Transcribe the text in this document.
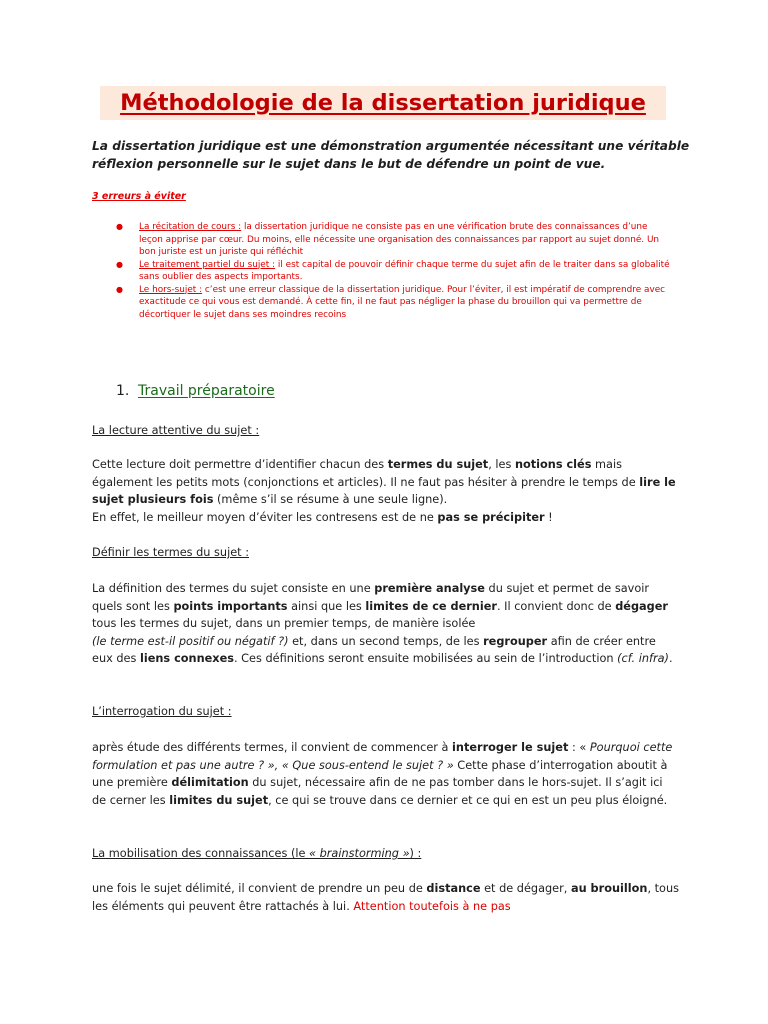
Méthodologie de la dissertation juridique

La dissertation juridique est une démonstration argumentée nécessitant une véritable réflexion personnelle sur le sujet dans le but de défendre un point de vue.

3 erreurs à éviter
● La récitation de cours : la dissertation juridique ne consiste pas en une vérification brute des connaissances d’une leçon apprise par cœur. Du moins, elle nécessite une organisation des connaissances par rapport au sujet donné. Un bon juriste est un juriste qui réfléchit
● Le traitement partiel du sujet : il est capital de pouvoir définir chaque terme du sujet afin de le traiter dans sa globalité sans oublier des aspects importants.
● Le hors-sujet : c’est une erreur classique de la dissertation juridique. Pour l’éviter, il est impératif de comprendre avec exactitude ce qui vous est demandé. À cette fin, il ne faut pas négliger la phase du brouillon qui va permettre de décortiquer le sujet dans ses moindres recoins
1. Travail préparatoire
La lecture attentive du sujet :

Cette lecture doit permettre d’identifier chacun des termes du sujet, les notions clés mais également les petits mots (conjonctions et articles). Il ne faut pas hésiter à prendre le temps de lire le sujet plusieurs fois (même s’il se résume à une seule ligne).
En effet, le meilleur moyen d’éviter les contresens est de ne pas se précipiter !

Définir les termes du sujet :

La définition des termes du sujet consiste en une première analyse du sujet et permet de savoir quels sont les points importants ainsi que les limites de ce dernier. Il convient donc de dégager tous les termes du sujet, dans un premier temps, de manière isolée
(le terme est-il positif ou négatif ?) et, dans un second temps, de les regrouper afin de créer entre eux des liens connexes. Ces définitions seront ensuite mobilisées au sein de l’introduction (cf. infra).

L’interrogation du sujet :

après étude des différents termes, il convient de commencer à interroger le sujet : « Pourquoi cette formulation et pas une autre ? », « Que sous-entend le sujet ? » Cette phase d’interrogation aboutit à une première délimitation du sujet, nécessaire afin de ne pas tomber dans le hors-sujet. Il s’agit ici de cerner les limites du sujet, ce qui se trouve dans ce dernier et ce qui en est un peu plus éloigné.

La mobilisation des connaissances (le « brainstorming ») :

une fois le sujet délimité, il convient de prendre un peu de distance et de dégager, au brouillon, tous les éléments qui peuvent être rattachés à lui. Attention toutefois à ne pas
